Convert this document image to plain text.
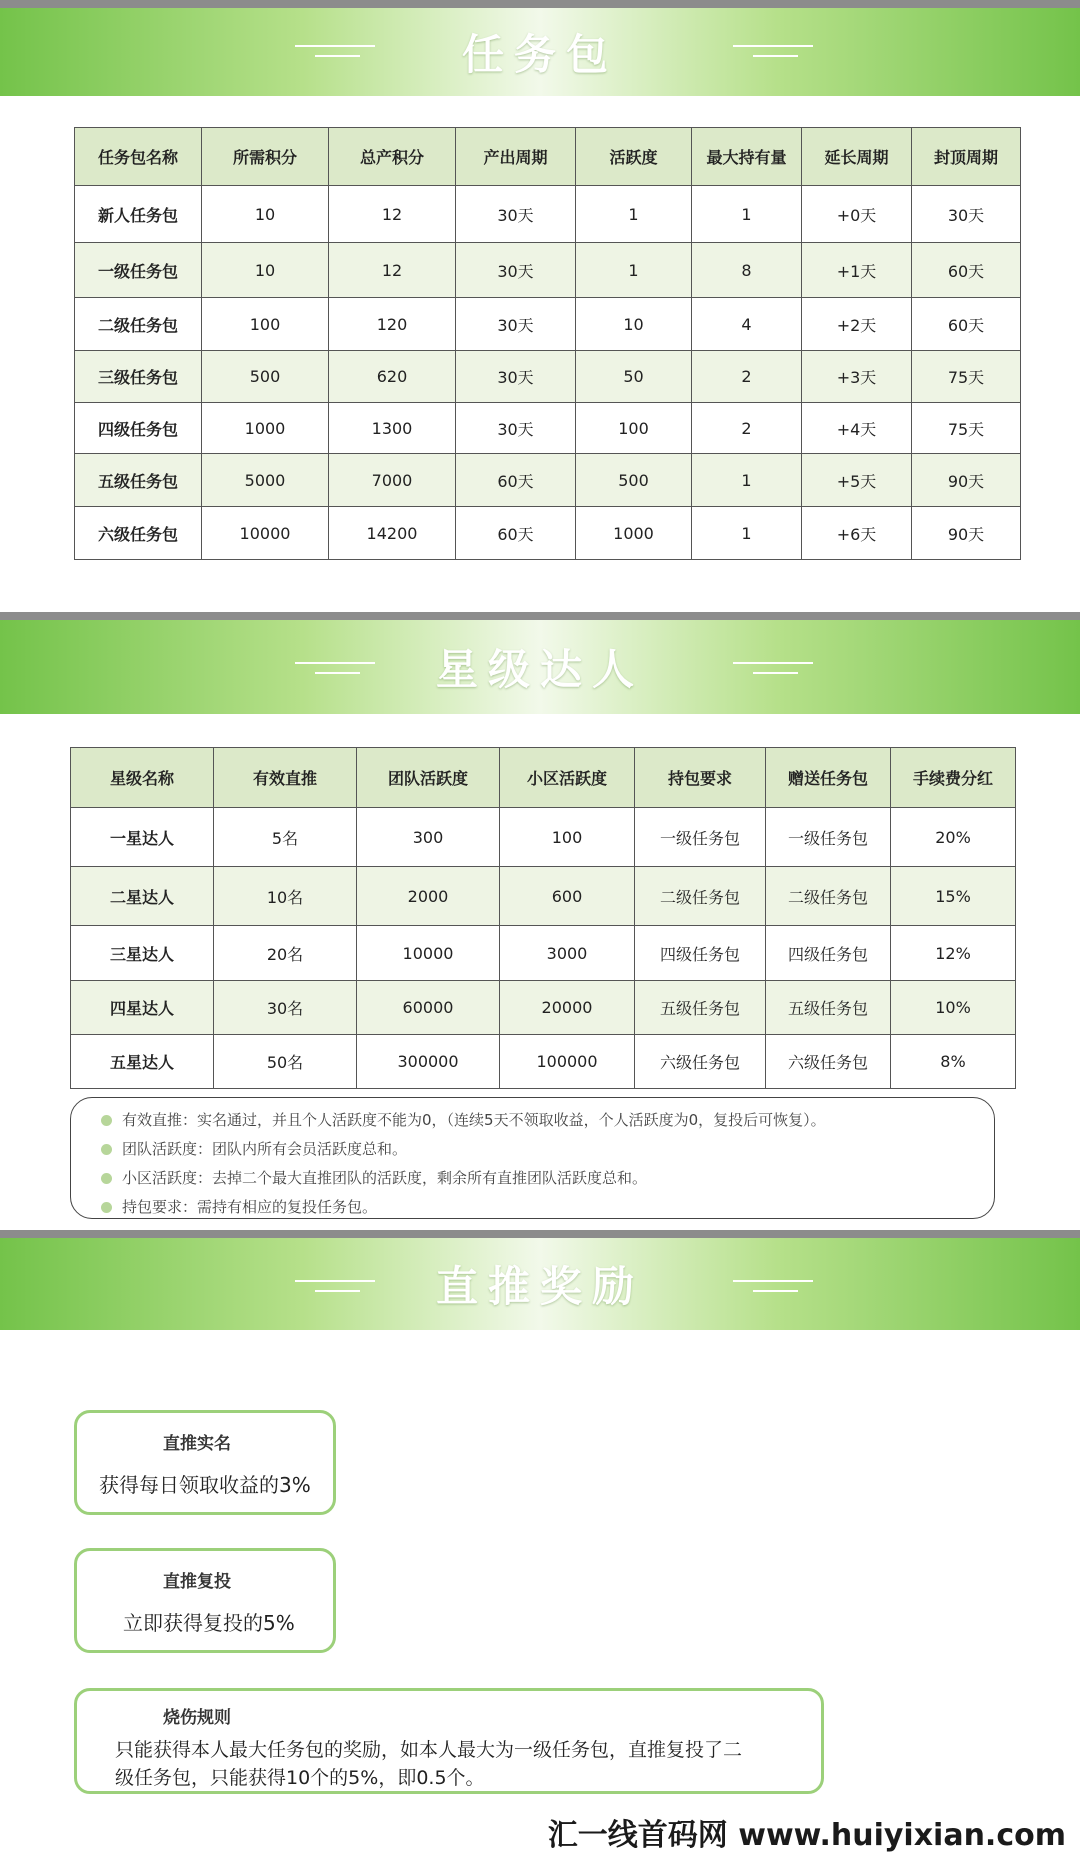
任务包
任务包名称	所需积分	总产积分	产出周期	活跃度	最大持有量	延长周期	封顶周期
新人任务包	10	12	30天	1	1	+0天	30天
一级任务包	10	12	30天	1	8	+1天	60天
二级任务包	100	120	30天	10	4	+2天	60天
三级任务包	500	620	30天	50	2	+3天	75天
四级任务包	1000	1300	30天	100	2	+4天	75天
五级任务包	5000	7000	60天	500	1	+5天	90天
六级任务包	10000	14200	60天	1000	1	+6天	90天
星级达人
星级名称	有效直推	团队活跃度	小区活跃度	持包要求	赠送任务包	手续费分红
一星达人	5名	300	100	一级任务包	一级任务包	20%
二星达人	10名	2000	600	二级任务包	二级任务包	15%
三星达人	20名	10000	3000	四级任务包	四级任务包	12%
四星达人	30名	60000	20000	五级任务包	五级任务包	10%
五星达人	50名	300000	100000	六级任务包	六级任务包	8%
有效直推：实名通过，并且个人活跃度不能为0，（连续5天不领取收益，个人活跃度为0，复投后可恢复）。
团队活跃度：团队内所有会员活跃度总和。
小区活跃度：去掉二个最大直推团队的活跃度，剩余所有直推团队活跃度总和。
持包要求：需持有相应的复投任务包。
直推奖励
直推实名
获得每日领取收益的3%
直推复投
立即获得复投的5%
烧伤规则
只能获得本人最大任务包的奖励，如本人最大为一级任务包，直推复投了二
级任务包，只能获得10个的5%，即0.5个。
汇一线首码网 www.huiyixian.com
